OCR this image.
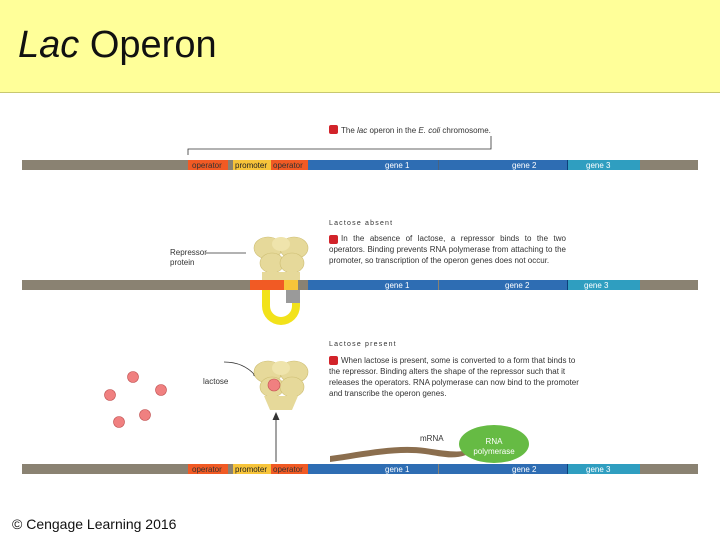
Lac Operon
The lac operon in the E. coli chromosome.
operator promoter operator	gene 1	gene 2	gene 3
Lactose absent
In the absence of lactose, a repressor binds to the two operators. Binding prevents RNA polymerase from attaching to the promoter, so transcription of the operon genes does not occur.
Repressor
protein
gene 1	gene 2	gene 3
Lactose present
When lactose is present, some is converted to a form that binds to the repressor. Binding alters the shape of the repressor such that it releases the operators. RNA polymerase can now bind to the promoter and transcribe the operon genes.
lactose
mRNA	RNA
polymerase
operator promoter operator	gene 1	gene 2	gene 3
© Cengage Learning 2016
